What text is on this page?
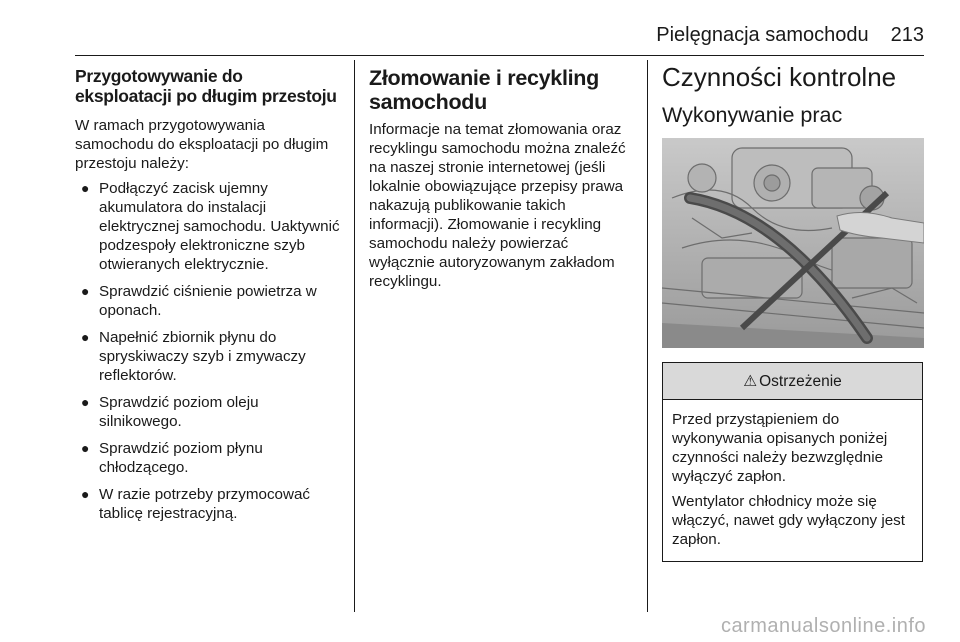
Pielęgnacja samochodu 213
Przygotowywanie do eksploatacji po długim przestoju

W ramach przygotowywania samochodu do eksploatacji po długim przestoju należy:

● Podłączyć zacisk ujemny akumulatora do instalacji elektrycznej samochodu. Uaktywnić podzespoły elektroniczne szyb otwieranych elektrycznie.
● Sprawdzić ciśnienie powietrza w oponach.
● Napełnić zbiornik płynu do spryskiwaczy szyb i zmywaczy reflektorów.
● Sprawdzić poziom oleju silnikowego.
● Sprawdzić poziom płynu chłodzącego.
● W razie potrzeby przymocować tablicę rejestracyjną.
Złomowanie i recykling samochodu

Informacje na temat złomowania oraz recyklingu samochodu można znaleźć na naszej stronie internetowej (jeśli lokalnie obowiązujące przepisy prawa nakazują publikowanie takich informacji). Złomowanie i recykling samochodu należy powierzać wyłącznie autoryzowanym zakładom recyklingu.

Czynności kontrolne
Wykonywanie prac
⚠ Ostrzeżenie

Przed przystąpieniem do wykonywania opisanych poniżej czynności należy bezwzględnie wyłączyć zapłon.

Wentylator chłodnicy może się włączyć, nawet gdy wyłączony jest zapłon.

carmanualsonline.info
